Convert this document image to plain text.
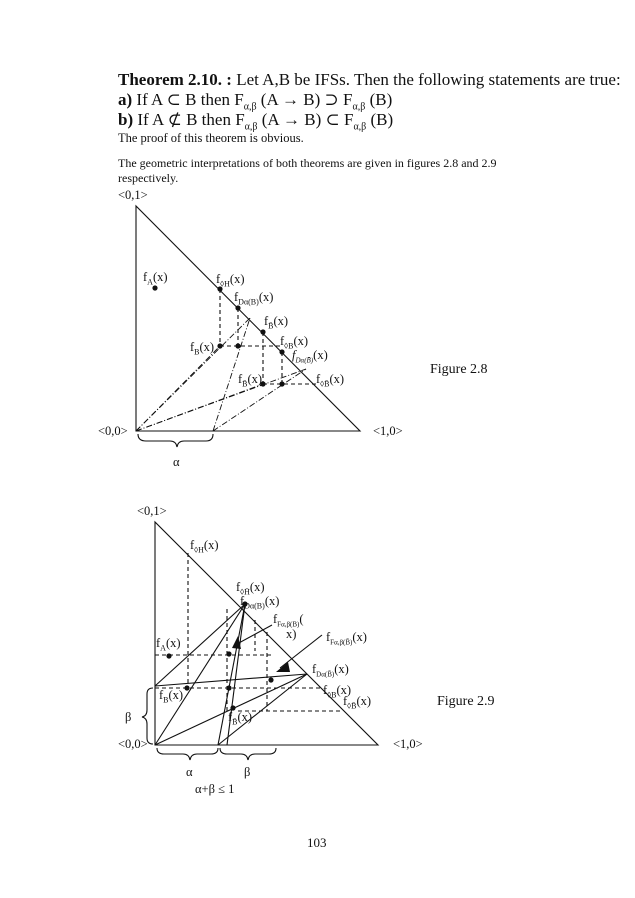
Theorem 2.10. : Let A,B be IFSs. Then the following statements are true:
a) If A ⊂ B then $F_{\alpha,\beta}$ (A → B) ⊃ $F_{\alpha,\beta}$ (B)
b) If A ⊄ B then $F_{\alpha,\beta}$ (A → B) ⊂ $F_{\alpha,\beta}$ (B)
The proof of this theorem is obvious.
The geometric interpretations of both theorems are given in figures 2.8 and 2.9
respectively.
<0,1>
<0,0>	<1,0>
α
Figure 2.8
$f_A(x)$	$f_{◊H}(x)$
$f_{D\alpha(B)}(x)$
$f_{B̄}(x)$
$f_B(x)$	$f_{◊B}(x)$
$f_{D\alpha(B̄)}(x)$
$f_{B̄}(x)$	$f_{◊B̄}(x)$
<0,1>
<0,0>	<1,0>
α	β
β
α+β ≤ 1
Figure 2.9
$f_{◊H}(x)$
$f_{◊H̄}(x)$
$f_{D\alpha(B)}(x)$
$f_{F\alpha,\beta(B)}$(
x) $f_{F\alpha,\beta(B̄)}(x)$
$f_A(x)$
$f_{D\alpha(B̄)}(x)$
$f_B(x)$	$f_{◊B}(x)$
$f_{◊B̄}(x)$
$f_{B̄}(x)$
103
